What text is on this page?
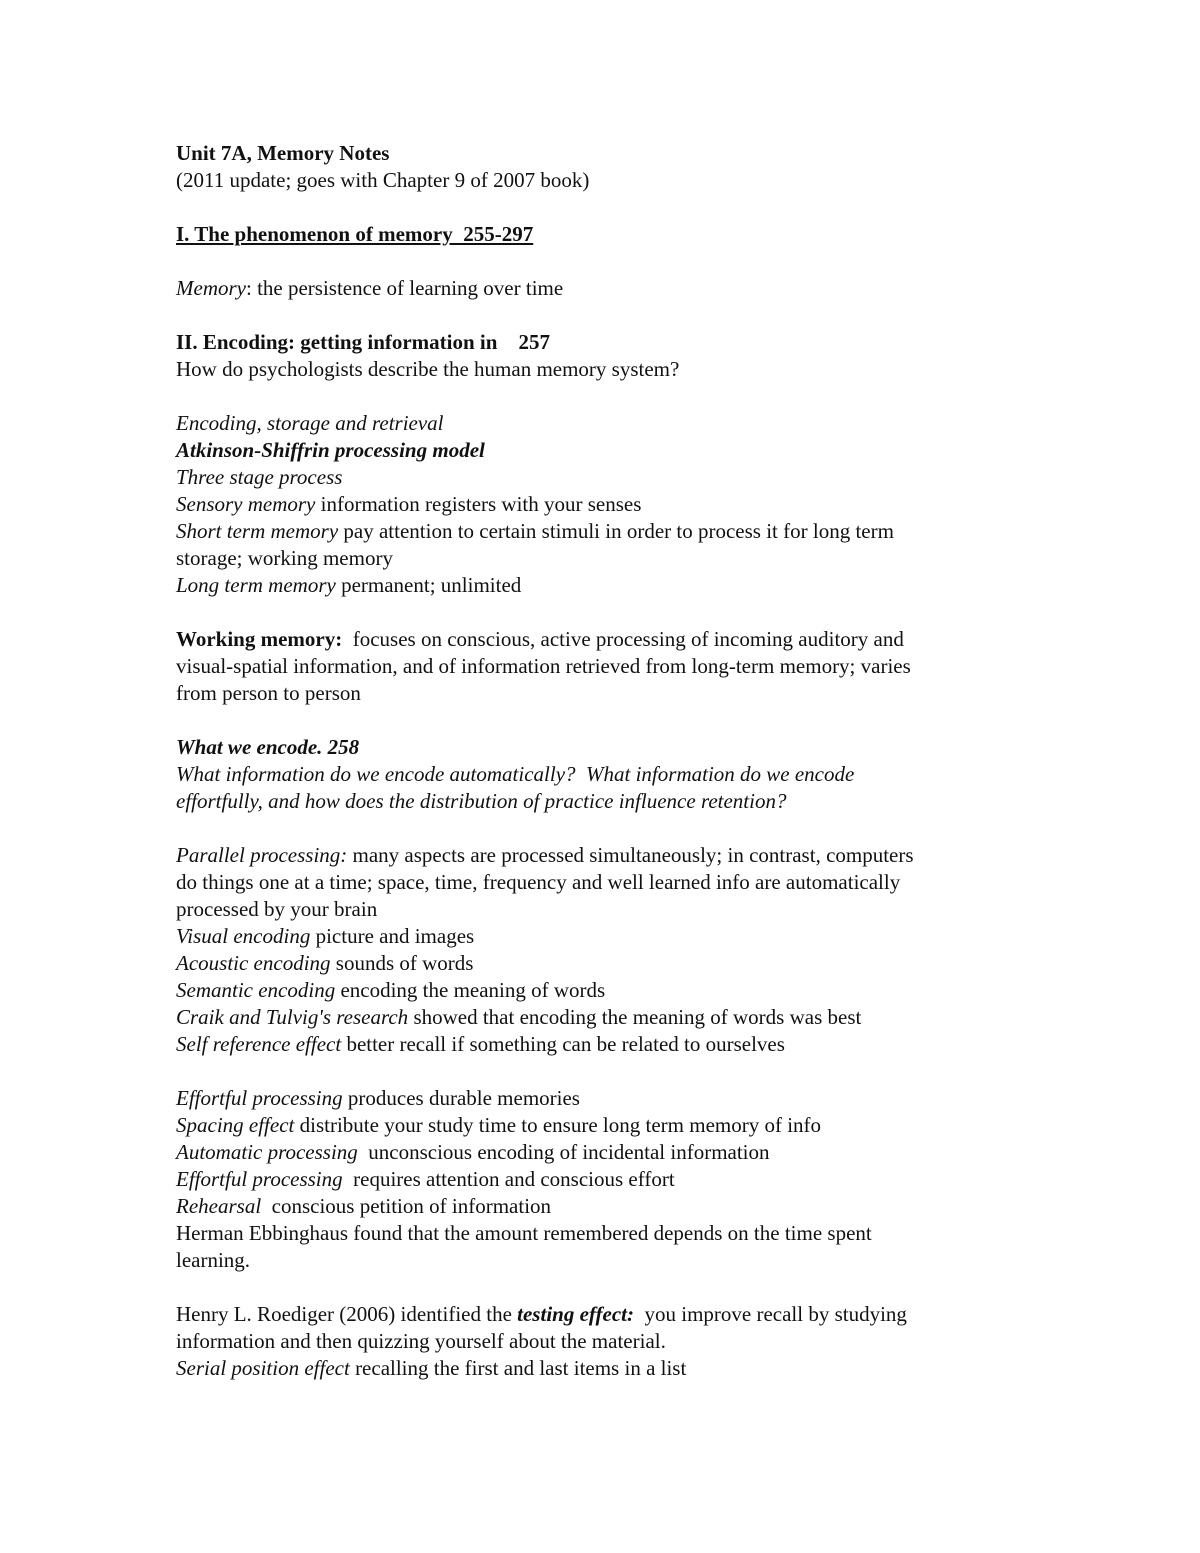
Unit 7A, Memory Notes
(2011 update; goes with Chapter 9 of 2007 book)
I. The phenomenon of memory  255-297
Memory: the persistence of learning over time
II. Encoding: getting information in    257
How do psychologists describe the human memory system?
Encoding, storage and retrieval
Atkinson-Shiffrin processing model
Three stage process
Sensory memory information registers with your senses
Short term memory pay attention to certain stimuli in order to process it for long term
storage; working memory
Long term memory permanent; unlimited
Working memory:  focuses on conscious, active processing of incoming auditory and
visual-spatial information, and of information retrieved from long-term memory; varies
from person to person
What we encode. 258
What information do we encode automatically?  What information do we encode
effortfully, and how does the distribution of practice influence retention?
Parallel processing: many aspects are processed simultaneously; in contrast, computers
do things one at a time; space, time, frequency and well learned info are automatically
processed by your brain
Visual encoding picture and images
Acoustic encoding sounds of words
Semantic encoding encoding the meaning of words
Craik and Tulvig's research showed that encoding the meaning of words was best
Self reference effect better recall if something can be related to ourselves
Effortful processing produces durable memories
Spacing effect distribute your study time to ensure long term memory of info
Automatic processing  unconscious encoding of incidental information
Effortful processing  requires attention and conscious effort
Rehearsal  conscious petition of information
Herman Ebbinghaus found that the amount remembered depends on the time spent
learning.
Henry L. Roediger (2006) identified the testing effect:  you improve recall by studying
information and then quizzing yourself about the material.
Serial position effect recalling the first and last items in a list
